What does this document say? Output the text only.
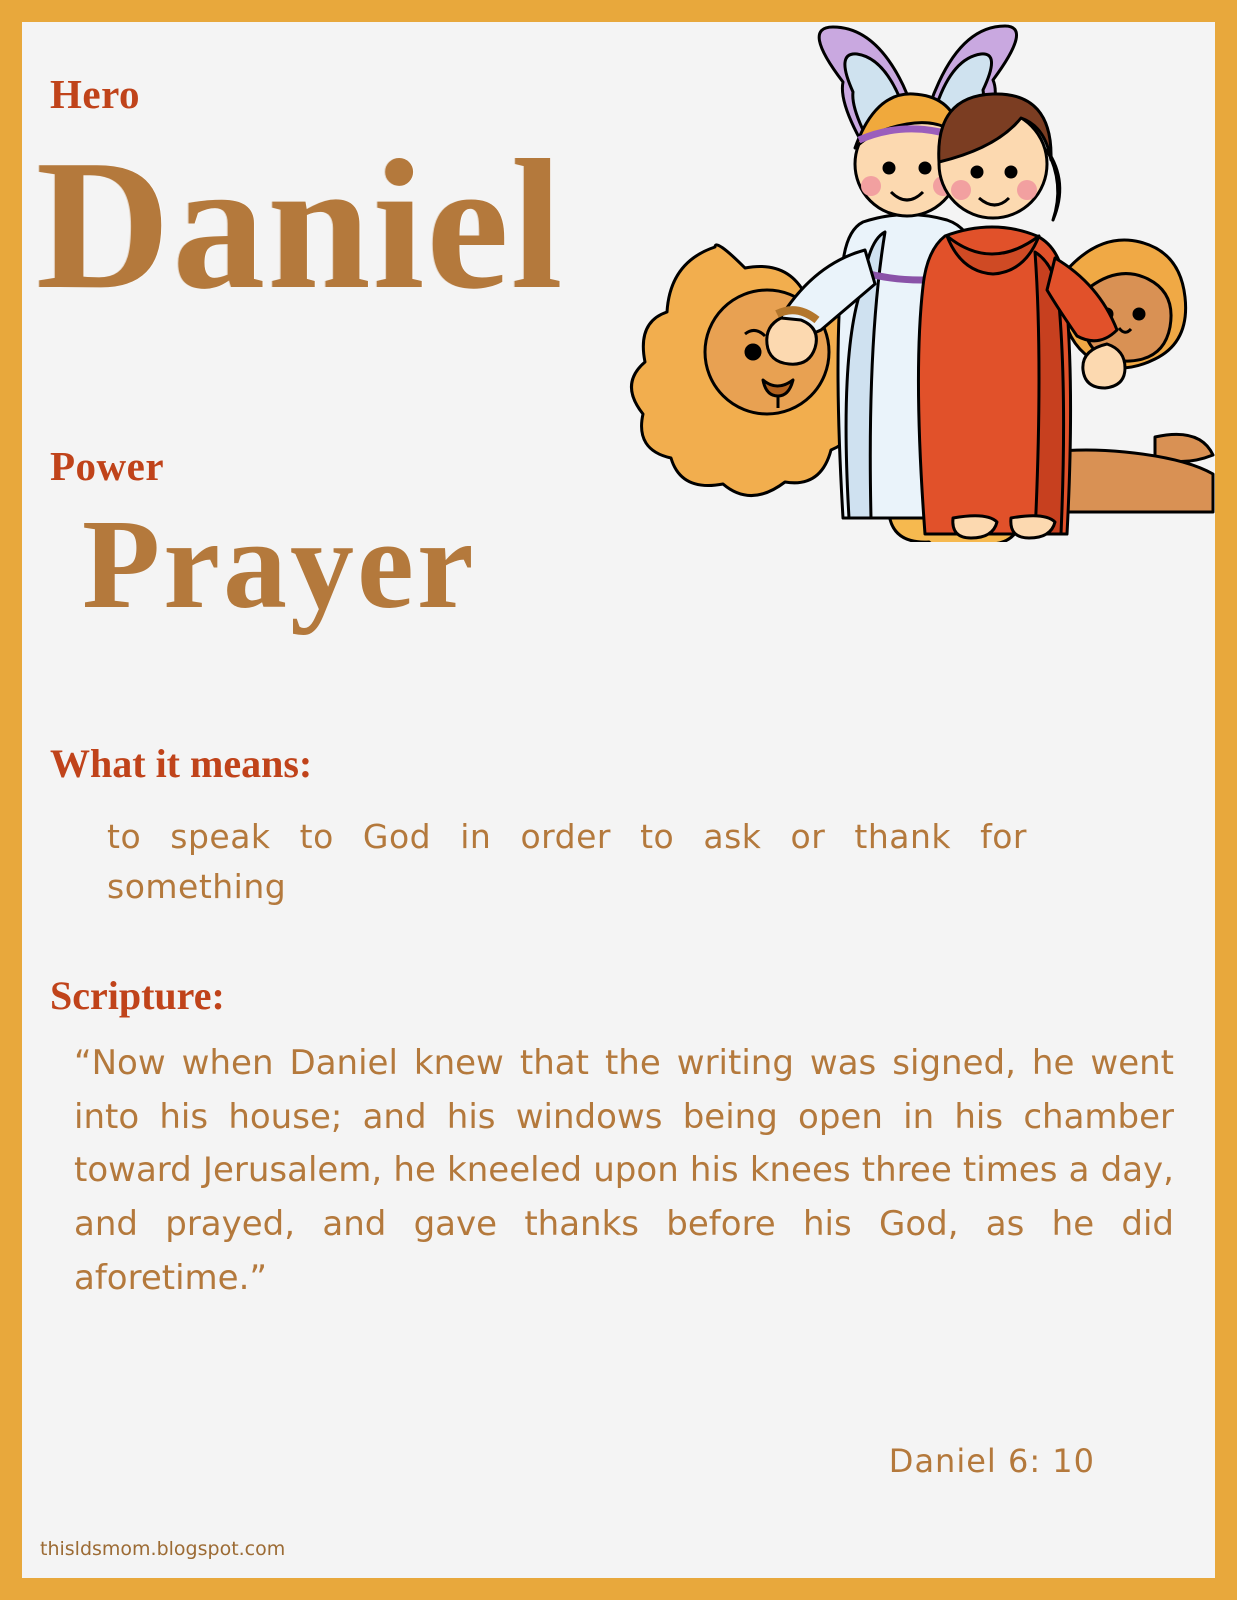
Hero
Daniel
Power
Prayer
What it means:
to speak to God in order to ask or thank for something
Scripture:
“Now when Daniel knew that the writing was signed, he went into his house; and his windows being open in his chamber toward Jerusalem, he kneeled upon his knees three times a day, and prayed, and gave thanks before his God, as he did aforetime.”
Daniel 6: 10
thisldsmom.blogspot.com
